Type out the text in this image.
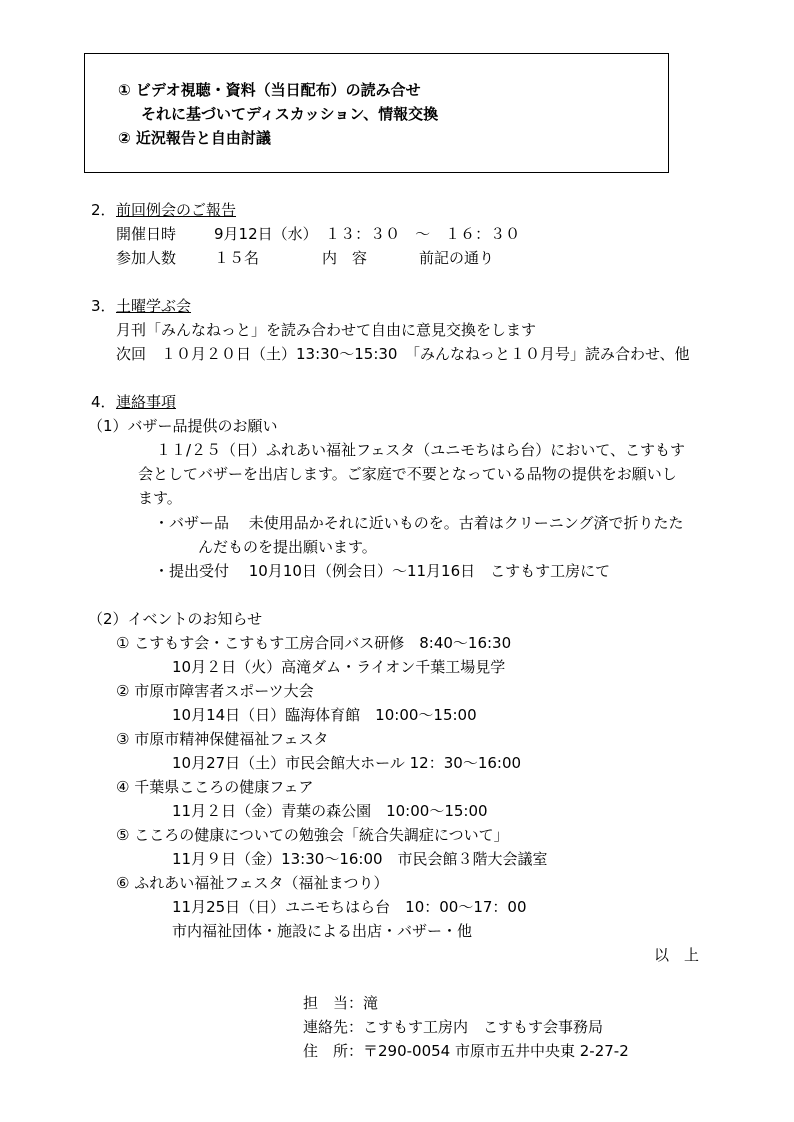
① ビデオ視聴・資料（当日配布）の読み合せ
それに基づいてディスカッション、情報交換
② 近況報告と自由討議
2． 前回例会のご報告
開催日時	9月12日（水）　１３：３０　～　１６：３０
参加人数	１５名	内　容	前記の通り
3． 土曜学ぶ会
月刊「みんなねっと」を読み合わせて自由に意見交換をします
次回　１０月２０日（土）13:30～15:30　「みんなねっと１０月号」読み合わせ、他
4． 連絡事項
（1）バザー品提供のお願い
１１/２５（日）ふれあい福祉フェスタ（ユニモちはら台）において、こすもす
会としてバザーを出店します。ご家庭で不要となっている品物の提供をお願いし
ます。
・バザー品　 未使用品かそれに近いものを。古着はクリーニング済で折りたた
んだものを提出願います。
・提出受付　 10月10日（例会日）～11月16日　こすもす工房にて
（2）イベントのお知らせ
① こすもす会・こすもす工房合同バス研修　8:40～16:30
10月２日（火）高滝ダム・ライオン千葉工場見学
② 市原市障害者スポーツ大会
10月14日（日）臨海体育館　10:00～15:00
③ 市原市精神保健福祉フェスタ
10月27日（土）市民会館大ホール 12：30～16:00
④ 千葉県こころの健康フェア
11月２日（金）青葉の森公園　10:00～15:00
⑤ こころの健康についての勉強会「統合失調症について」
11月９日（金）13:30～16:00　市民会館３階大会議室
⑥ ふれあい福祉フェスタ（福祉まつり）
11月25日（日）ユニモちはら台　10：00～17：00
市内福祉団体・施設による出店・バザー・他
以　上
担　当：滝
連絡先：こすもす工房内　こすもす会事務局
住　所：〒290-0054 市原市五井中央東 2-27-2
